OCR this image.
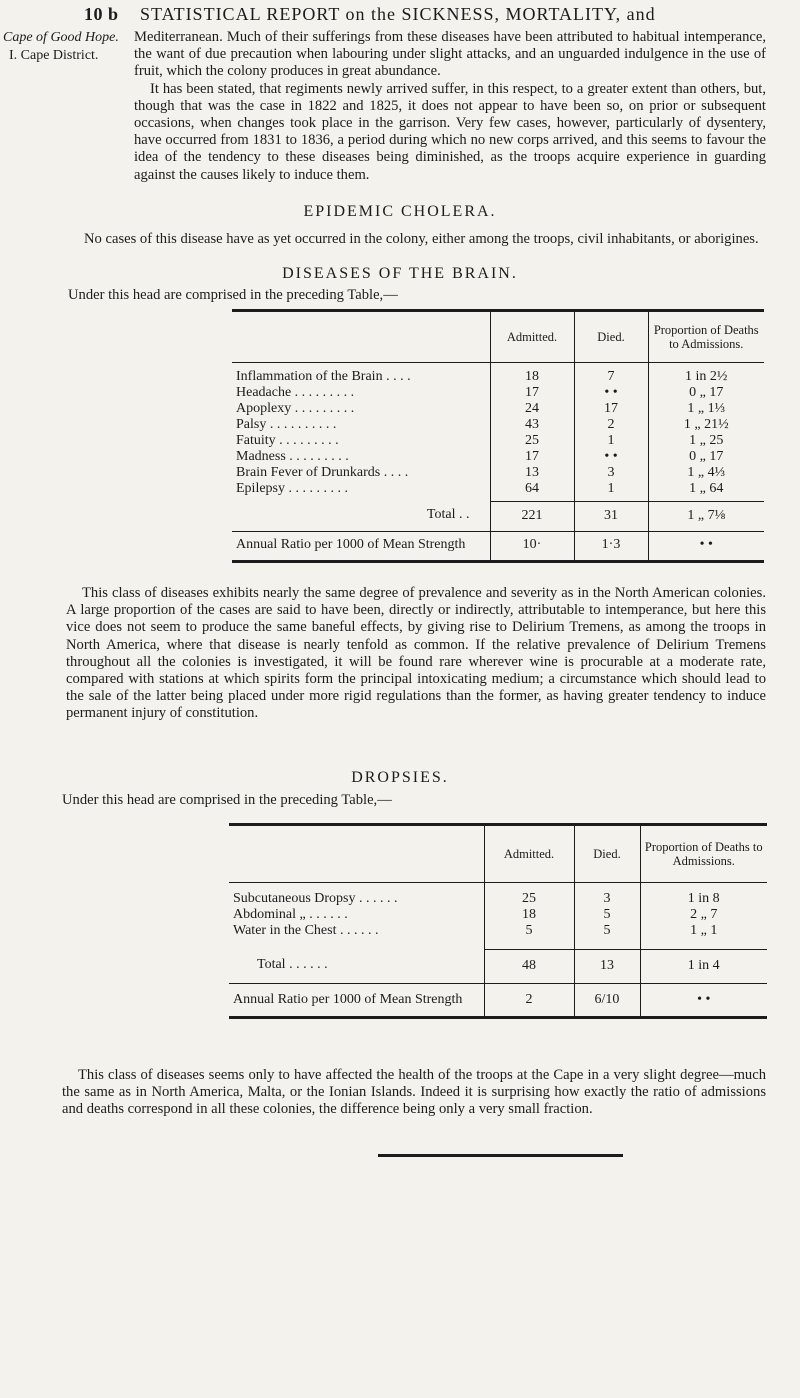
10 b STATISTICAL REPORT on the SICKNESS, MORTALITY, and
Cape of Good Hope.
I. Cape District.

Mediterranean. Much of their sufferings from these diseases have been attributed to habitual intemperance, the want of due precaution when labouring under slight attacks, and an unguarded indulgence in the use of fruit, which the colony produces in great abundance.

It has been stated, that regiments newly arrived suffer, in this respect, to a greater extent than others, but, though that was the case in 1822 and 1825, it does not appear to have been so, on prior or subsequent occasions, when changes took place in the garrison. Very few cases, however, particularly of dysentery, have occurred from 1831 to 1836, a period during which no new corps arrived, and this seems to favour the idea of the tendency to these diseases being diminished, as the troops acquire experience in guarding against the causes likely to induce them.

EPIDEMIC CHOLERA.

No cases of this disease have as yet occurred in the colony, either among the troops, civil inhabitants, or aborigines.

DISEASES OF THE BRAIN.
Under this head are comprised in the preceding Table,—
	Admitted.	Died.	Proportion of Deaths to Admissions.
Inflammation of the Brain . . . .	18	7	1 in 2½
Headache . . . . . . . . .	17	• •	0 „ 17
Apoplexy . . . . . . . . .	24	17	1 „ 1⅓
Palsy . . . . . . . . . .	43	2	1 „ 21½
Fatuity . . . . . . . . .	25	1	1 „ 25
Madness . . . . . . . . .	17	• •	0 „ 17
Brain Fever of Drunkards . . . .	13	3	1 „ 4⅓
Epilepsy . . . . . . . . .	64	1	1 „ 64
Total . .	221	31	1 „ 7⅛
Annual Ratio per 1000 of Mean Strength	10·	1·3	• •

This class of diseases exhibits nearly the same degree of prevalence and severity as in the North American colonies. A large proportion of the cases are said to have been, directly or indirectly, attributable to intemperance, but here this vice does not seem to produce the same baneful effects, by giving rise to Delirium Tremens, as among the troops in North America, where that disease is nearly tenfold as common. If the relative prevalence of Delirium Tremens throughout all the colonies is investigated, it will be found rare wherever wine is procurable at a moderate rate, compared with stations at which spirits form the principal intoxicating medium; a circumstance which should lead to the sale of the latter being placed under more rigid regulations than the former, as having greater tendency to induce permanent injury of constitution.

DROPSIES.
Under this head are comprised in the preceding Table,—
	Admitted.	Died.	Proportion of Deaths to Admissions.
Subcutaneous Dropsy . . . . . .	25	3	1 in 8
Abdominal „ . . . . . .	18	5	2 „ 7
Water in the Chest . . . . . .	5	5	1 „ 1
Total . . . . . .	48	13	1 in 4
Annual Ratio per 1000 of Mean Strength	2	6/10	• •

This class of diseases seems only to have affected the health of the troops at the Cape in a very slight degree—much the same as in North America, Malta, or the Ionian Islands. Indeed it is surprising how exactly the ratio of admissions and deaths correspond in all these colonies, the difference being only a very small fraction.
